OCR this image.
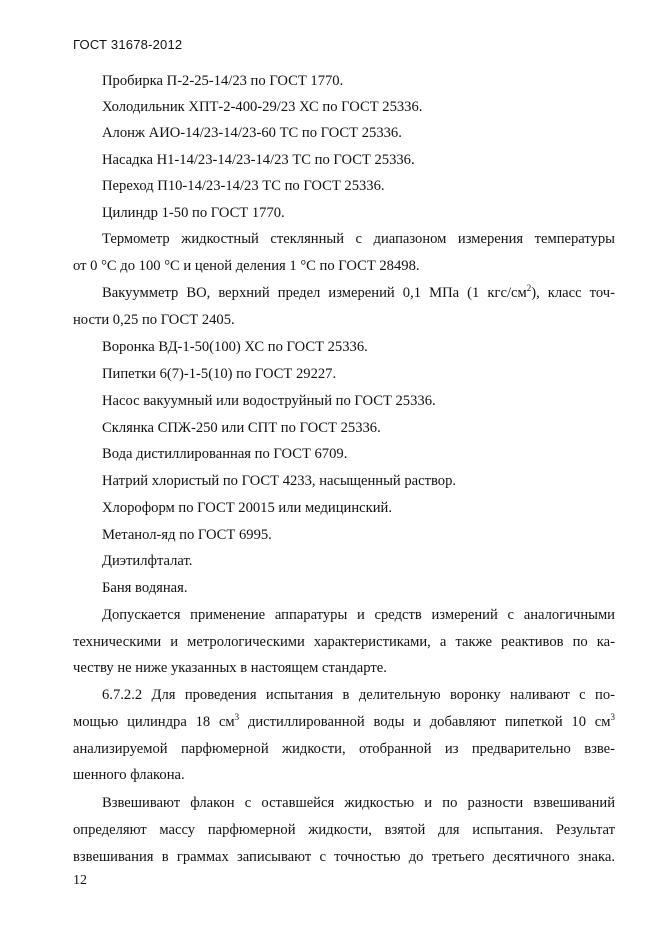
ГОСТ 31678-2012
Пробирка П-2-25-14/23 по ГОСТ 1770.
Холодильник ХПТ-2-400-29/23 ХС по ГОСТ 25336.
Алонж АИО-14/23-14/23-60 ТС по ГОСТ 25336.
Насадка Н1-14/23-14/23-14/23 ТС по ГОСТ 25336.
Переход П10-14/23-14/23 ТС по ГОСТ 25336.
Цилиндр 1-50 по ГОСТ 1770.
Термометр жидкостный стеклянный с диапазоном измерения температуры
от 0 °С до 100 °С и ценой деления 1 °С по ГОСТ 28498.
Вакуумметр ВО, верхний предел измерений 0,1 МПа (1 кгс/$см^2$), класс точ-
ности 0,25 по ГОСТ 2405.
Воронка ВД-1-50(100) ХС по ГОСТ 25336.
Пипетки 6(7)-1-5(10) по ГОСТ 29227.
Насос вакуумный или водоструйный по ГОСТ 25336.
Склянка СПЖ-250 или СПТ по ГОСТ 25336.
Вода дистиллированная по ГОСТ 6709.
Натрий хлористый по ГОСТ 4233, насыщенный раствор.
Хлороформ по ГОСТ 20015 или медицинский.
Метанол-яд по ГОСТ 6995.
Диэтилфталат.
Баня водяная.
Допускается применение аппаратуры и средств измерений с аналогичными
техническими и метрологическими характеристиками, а также реактивов по ка-
честву не ниже указанных в настоящем стандарте.
6.7.2.2 Для проведения испытания в делительную воронку наливают с по-
мощью цилиндра 18 $см^3$ дистиллированной воды и добавляют пипеткой 10 $см^3$
анализируемой парфюмерной жидкости, отобранной из предварительно взве-
шенного флакона.
Взвешивают флакон с оставшейся жидкостью и по разности взвешиваний
определяют массу парфюмерной жидкости, взятой для испытания. Результат
взвешивания в граммах записывают с точностью до третьего десятичного знака.
12
